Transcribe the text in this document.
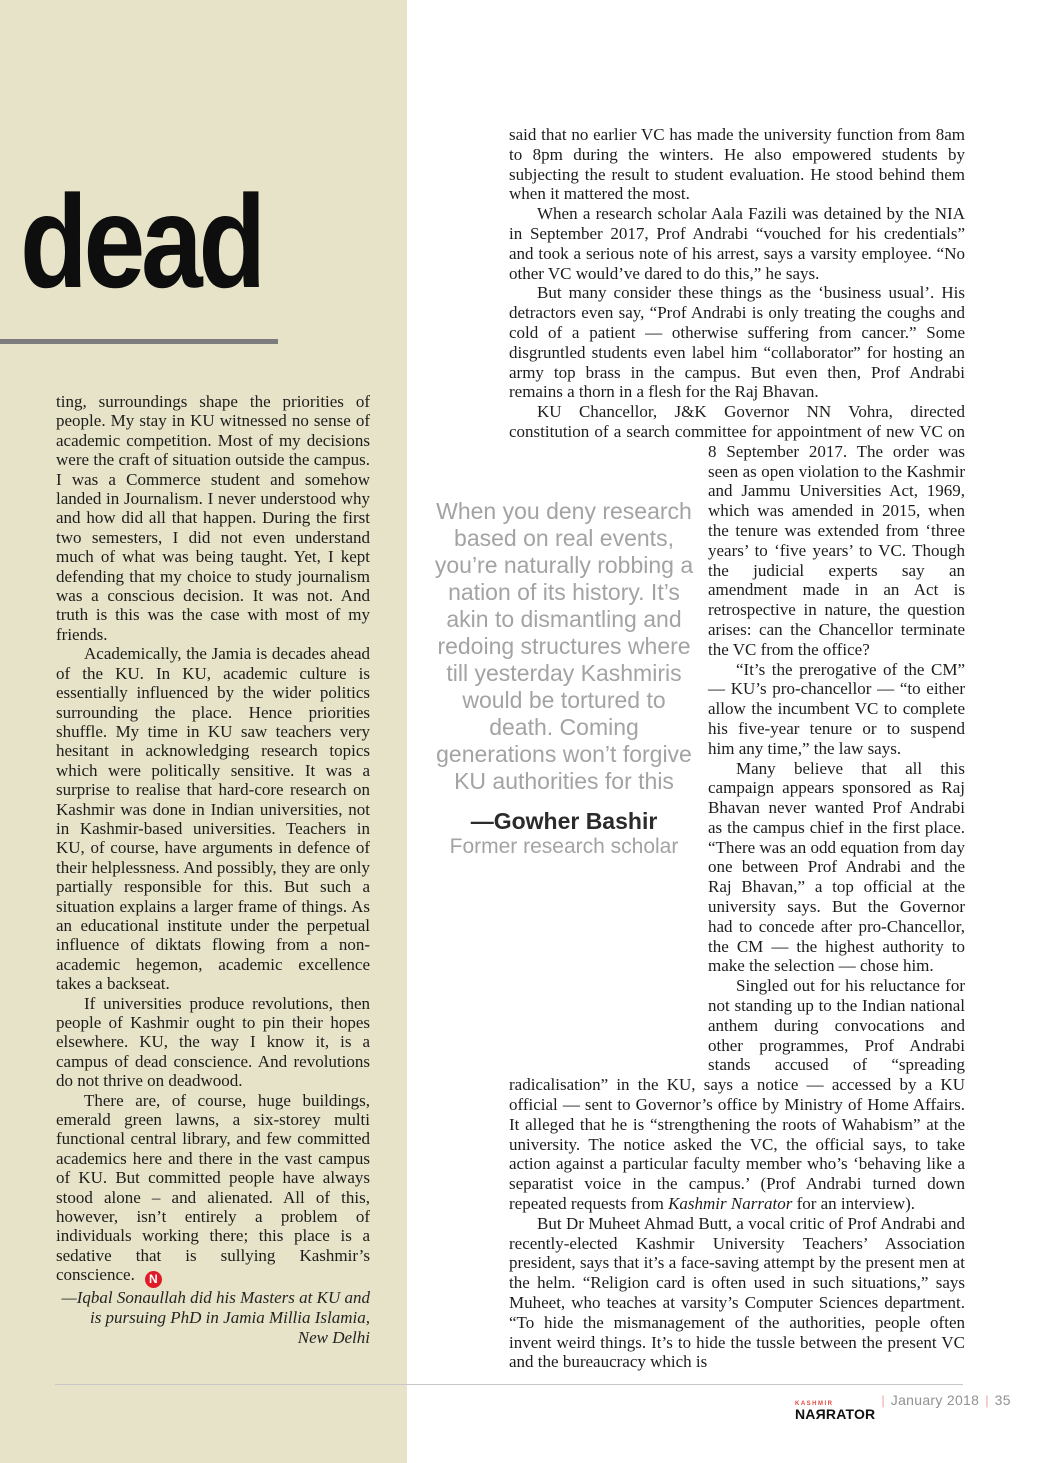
dead

ting, surroundings shape the priorities of people. My stay in KU witnessed no sense of academic competition. Most of my decisions were the craft of situation outside the campus. I was a Commerce student and somehow landed in Journalism. I never understood why and how did all that happen. During the first two semesters, I did not even understand much of what was being taught. Yet, I kept defending that my choice to study journalism was a conscious decision. It was not. And truth is this was the case with most of my friends.

Academically, the Jamia is decades ahead of the KU. In KU, academic culture is essentially influenced by the wider politics surrounding the place. Hence priorities shuffle. My time in KU saw teachers very hesitant in acknowledging research topics which were politically sensitive. It was a surprise to realise that hard-core research on Kashmir was done in Indian universities, not in Kashmir-based universities. Teachers in KU, of course, have arguments in defence of their helplessness. And possibly, they are only partially responsible for this. But such a situation explains a larger frame of things. As an educational institute under the perpetual influence of diktats flowing from a non-academic hegemon, academic excellence takes a backseat.

If universities produce revolutions, then people of Kashmir ought to pin their hopes elsewhere. KU, the way I know it, is a campus of dead conscience. And revolutions do not thrive on deadwood.

There are, of course, huge buildings, emerald green lawns, a six-storey multi functional central library, and few committed academics here and there in the vast campus of KU. But committed people have always stood alone – and alienated. All of this, however, isn’t entirely a problem of individuals working there; this place is a sedative that is sullying Kashmir’s conscience. N

—Iqbal Sonaullah did his Masters at KU and is pursuing PhD in Jamia Millia Islamia, New Delhi

said that no earlier VC has made the university function from 8am to 8pm during the winters. He also empowered students by subjecting the result to student evaluation. He stood behind them when it mattered the most.

When a research scholar Aala Fazili was detained by the NIA in September 2017, Prof Andrabi “vouched for his credentials” and took a serious note of his arrest, says a varsity employee. “No other VC would’ve dared to do this,” he says.

But many consider these things as the ‘business usual’. His detractors even say, “Prof Andrabi is only treating the coughs and cold of a patient — otherwise suffering from cancer.” Some disgruntled students even label him “collaborator” for hosting an army top brass in the campus. But even then, Prof Andrabi remains a thorn in a flesh for the Raj Bhavan.

KU Chancellor, J&K Governor NN Vohra, directed constitution of a search committee for appointment of new VC
When you deny research based on real events, you’re naturally robbing a nation of its history. It’s akin to dismantling and redoing structures where till yesterday Kashmiris would be tortured to death. Coming generations won’t forgive KU authorities for this
—Gowher Bashir
Former research scholar
on 8 September 2017. The order was seen as open violation to the Kashmir and Jammu Universities Act, 1969, which was amended in 2015, when the tenure was extended from ‘three years’ to ‘five years’ to VC. Though the judicial experts say an amendment made in an Act is retrospective in nature, the question arises: can the Chancellor terminate the VC from the office?

“It’s the prerogative of the CM” — KU’s pro-chancellor — “to either allow the incumbent VC to complete his five-year tenure or to suspend him any time,” the law says.

Many believe that all this campaign appears sponsored as Raj Bhavan never wanted Prof Andrabi as the campus chief in the first place. “There was an odd equation from day one between Prof Andrabi and the Raj Bhavan,” a top official at the university says. But the Governor had to concede after pro-Chancellor, the CM — the highest authority to make the selection — chose him.

Singled out for his reluctance for not standing up to the Indian national anthem during convocations and other programmes, Prof Andrabi stands accused of “spreading radicalisation” in the KU, says a notice — accessed by a KU official — sent to Governor’s office by Ministry of Home Affairs. It alleged that he is “strengthening the roots of Wahabism” at the university. The notice asked the VC, the official says, to take action against a particular faculty member who’s ‘behaving like a separatist voice in the campus.’ (Prof Andrabi turned down repeated requests from Kashmir Narrator for an interview).

But Dr Muheet Ahmad Butt, a vocal critic of Prof Andrabi and recently-elected Kashmir University Teachers’ Association president, says that it’s a face-saving attempt by the present men at the helm. “Religion card is often used in such situations,” says Muheet, who teaches at varsity’s Computer Sciences department. “To hide the mismanagement of the authorities, people often invent weird things. It’s to hide the tussle between the present VC and the bureaucracy which is

KASHMIR
NAЯRATOR
| January 2018 | 35
